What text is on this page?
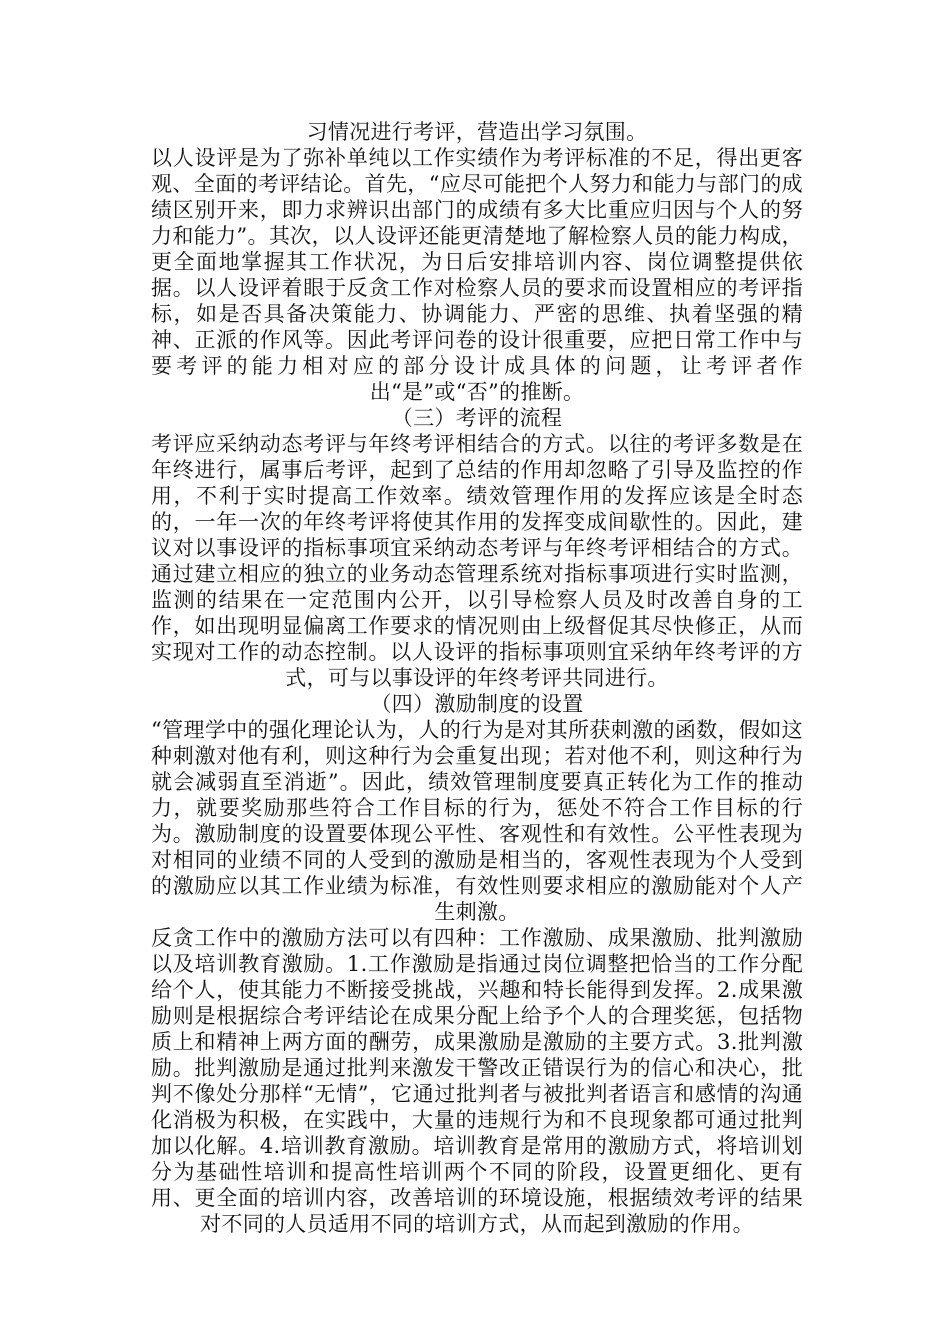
习情况进行考评，营造出学习氛围。

以人设评是为了弥补单纯以工作实绩作为考评标准的不足，得出更客观、全面的考评结论。首先，“应尽可能把个人努力和能力与部门的成绩区别开来，即力求辨识出部门的成绩有多大比重应归因与个人的努力和能力”。其次，以人设评还能更清楚地了解检察人员的能力构成，更全面地掌握其工作状况，为日后安排培训内容、岗位调整提供依据。以人设评着眼于反贪工作对检察人员的要求而设置相应的考评指标，如是否具备决策能力、协调能力、严密的思维、执着坚强的精神、正派的作风等。因此考评问卷的设计很重要，应把日常工作中与要考评的能力相对应的部分设计成具体的问题，让考评者作出“是”或“否”的推断。

（三）考评的流程

考评应采纳动态考评与年终考评相结合的方式。以往的考评多数是在年终进行，属事后考评，起到了总结的作用却忽略了引导及监控的作用，不利于实时提高工作效率。绩效管理作用的发挥应该是全时态的，一年一次的年终考评将使其作用的发挥变成间歇性的。因此，建议对以事设评的指标事项宜采纳动态考评与年终考评相结合的方式。通过建立相应的独立的业务动态管理系统对指标事项进行实时监测，监测的结果在一定范围内公开，以引导检察人员及时改善自身的工作，如出现明显偏离工作要求的情况则由上级督促其尽快修正，从而实现对工作的动态控制。以人设评的指标事项则宜采纳年终考评的方式，可与以事设评的年终考评共同进行。

（四）激励制度的设置

“管理学中的强化理论认为，人的行为是对其所获刺激的函数，假如这种刺激对他有利，则这种行为会重复出现；若对他不利，则这种行为就会减弱直至消逝”。因此，绩效管理制度要真正转化为工作的推动力，就要奖励那些符合工作目标的行为，惩处不符合工作目标的行为。激励制度的设置要体现公平性、客观性和有效性。公平性表现为对相同的业绩不同的人受到的激励是相当的，客观性表现为个人受到的激励应以其工作业绩为标准，有效性则要求相应的激励能对个人产生刺激。

反贪工作中的激励方法可以有四种：工作激励、成果激励、批判激励以及培训教育激励。1.工作激励是指通过岗位调整把恰当的工作分配给个人，使其能力不断接受挑战，兴趣和特长能得到发挥。2.成果激励则是根据综合考评结论在成果分配上给予个人的合理奖惩，包括物质上和精神上两方面的酬劳，成果激励是激励的主要方式。3.批判激励。批判激励是通过批判来激发干警改正错误行为的信心和决心，批判不像处分那样“无情”，它通过批判者与被批判者语言和感情的沟通化消极为积极，在实践中，大量的违规行为和不良现象都可通过批判加以化解。4.培训教育激励。培训教育是常用的激励方式，将培训划分为基础性培训和提高性培训两个不同的阶段，设置更细化、更有用、更全面的培训内容，改善培训的环境设施，根据绩效考评的结果对不同的人员适用不同的培训方式，从而起到激励的作用。
